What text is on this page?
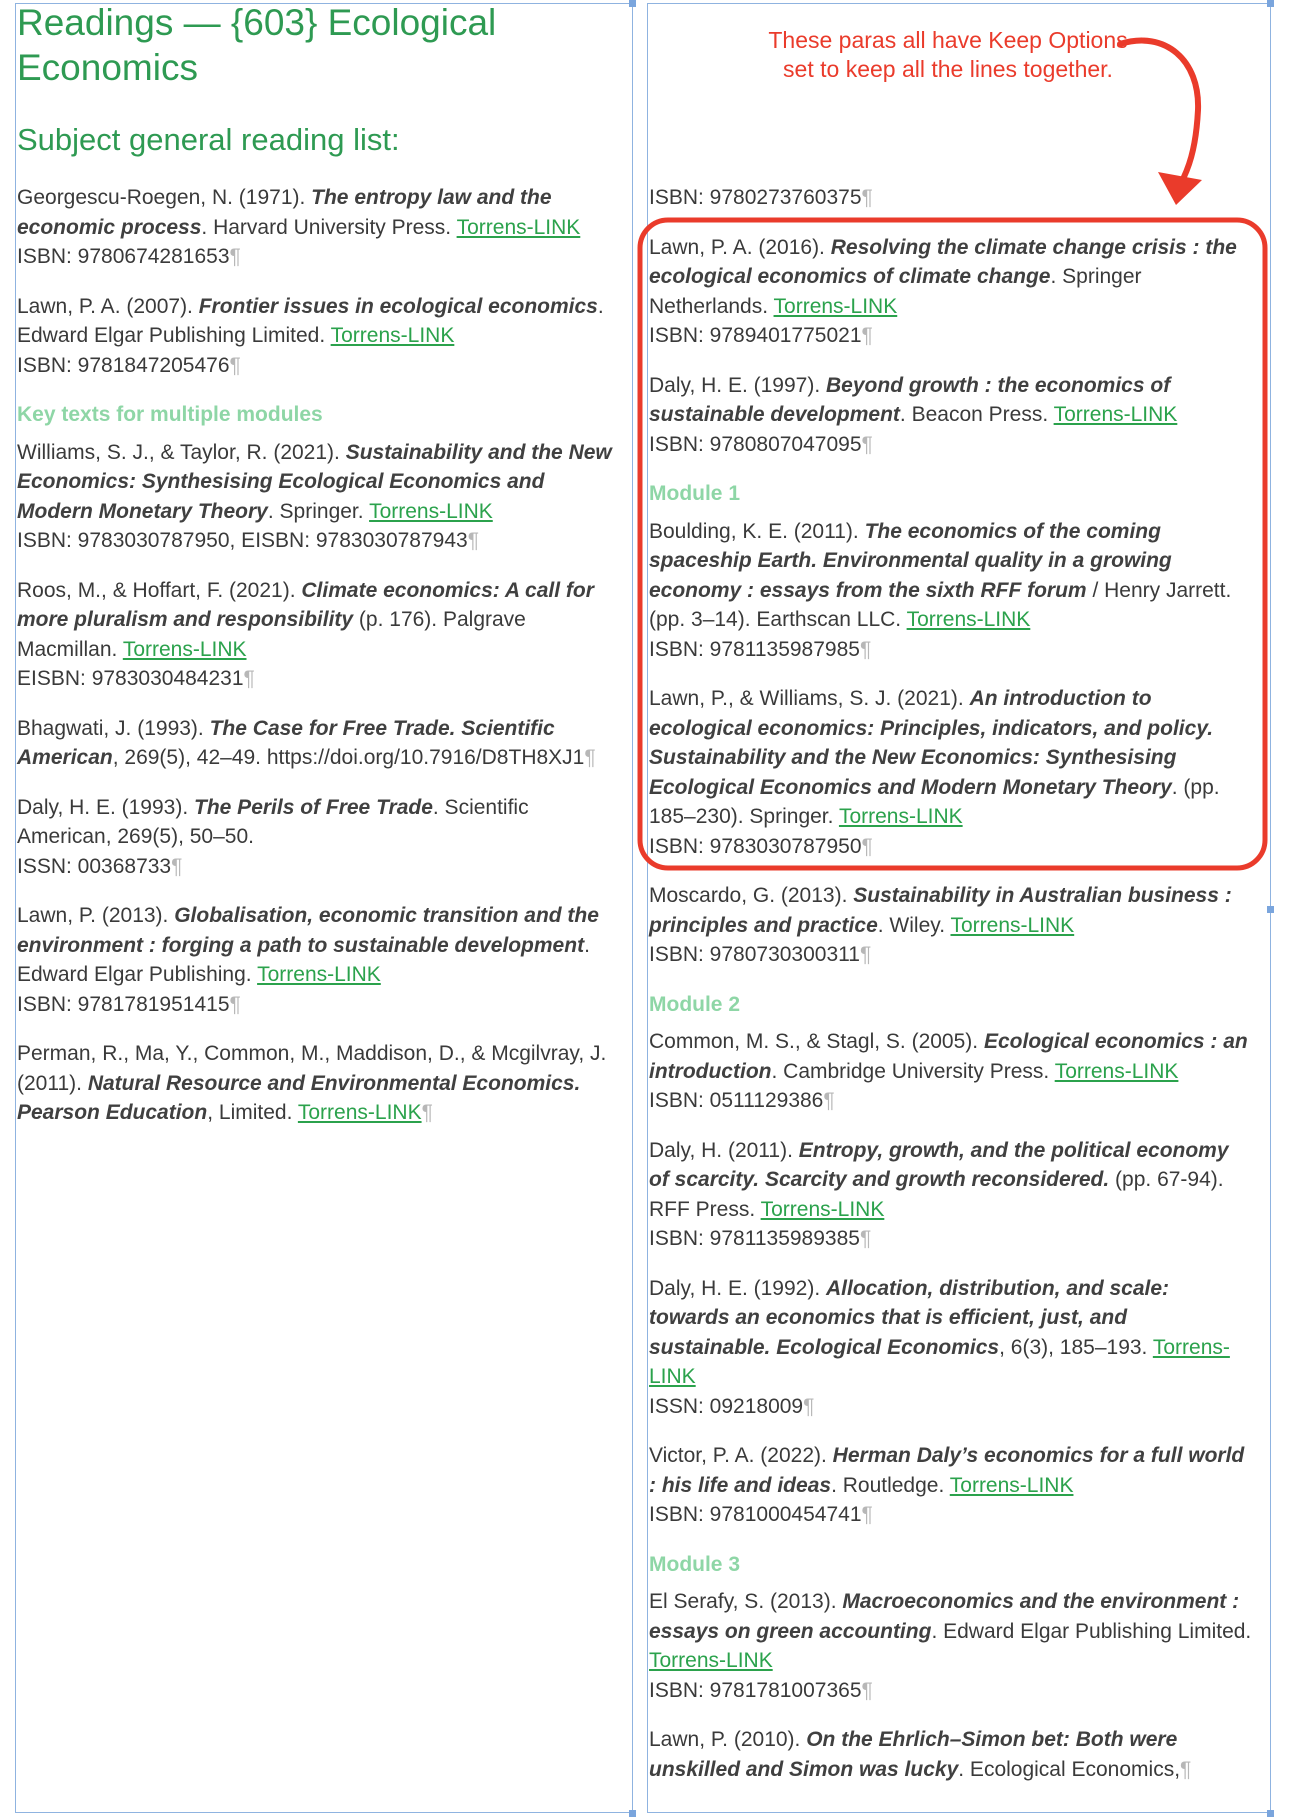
Readings — {603} Ecological Economics
Subject general reading list:

Georgescu-Roegen, N. (1971). The entropy law and the economic process. Harvard University Press. Torrens-LINK
ISBN: 9780674281653¶

Lawn, P. A. (2007). Frontier issues in ecological economics. Edward Elgar Publishing Limited. Torrens-LINK
ISBN: 9781847205476¶

Key texts for multiple modules

Williams, S. J., & Taylor, R. (2021). Sustainability and the New Economics: Synthesising Ecological Economics and Modern Monetary Theory. Springer. Torrens-LINK
ISBN: 9783030787950, EISBN: 9783030787943¶

Roos, M., & Hoffart, F. (2021). Climate economics: A call for more pluralism and responsibility (p. 176). Palgrave Macmillan. Torrens-LINK
EISBN: 9783030484231¶

Bhagwati, J. (1993). The Case for Free Trade. Scientific American, 269(5), 42–49. https://doi.org/10.7916/D8TH8XJ1¶

Daly, H. E. (1993). The Perils of Free Trade. Scientific American, 269(5), 50–50.
ISSN: 00368733¶

Lawn, P. (2013). Globalisation, economic transition and the environment : forging a path to sustainable development. Edward Elgar Publishing. Torrens-LINK
ISBN: 9781781951415¶

Perman, R., Ma, Y., Common, M., Maddison, D., & Mcgilvray, J. (2011). Natural Resource and Environmental Economics. Pearson Education, Limited. Torrens-LINK¶

ISBN: 9780273760375¶

Lawn, P. A. (2016). Resolving the climate change crisis : the ecological economics of climate change. Springer Netherlands. Torrens-LINK
ISBN: 9789401775021¶

Daly, H. E. (1997). Beyond growth : the economics of sustainable development. Beacon Press. Torrens-LINK
ISBN: 9780807047095¶

Module 1

Boulding, K. E. (2011). The economics of the coming spaceship Earth. Environmental quality in a growing economy : essays from the sixth RFF forum / Henry Jarrett. (pp. 3–14). Earthscan LLC. Torrens-LINK
ISBN: 9781135987985¶

Lawn, P., & Williams, S. J. (2021). An introduction to ecological economics: Principles, indicators, and policy. Sustainability and the New Economics: Synthesising Ecological Economics and Modern Monetary Theory. (pp. 185–230). Springer. Torrens-LINK
ISBN: 9783030787950¶

Moscardo, G. (2013). Sustainability in Australian business : principles and practice. Wiley. Torrens-LINK
ISBN: 9780730300311¶

Module 2

Common, M. S., & Stagl, S. (2005). Ecological economics : an introduction. Cambridge University Press. Torrens-LINK
ISBN: 0511129386¶

Daly, H. (2011). Entropy, growth, and the political economy of scarcity. Scarcity and growth reconsidered. (pp. 67-94). RFF Press. Torrens-LINK
ISBN: 9781135989385¶

Daly, H. E. (1992). Allocation, distribution, and scale: towards an economics that is efficient, just, and sustainable. Ecological Economics, 6(3), 185–193. Torrens-LINK
ISSN: 09218009¶

Victor, P. A. (2022). Herman Daly’s economics for a full world : his life and ideas. Routledge. Torrens-LINK
ISBN: 9781000454741¶

Module 3

El Serafy, S. (2013). Macroeconomics and the environment : essays on green accounting. Edward Elgar Publishing Limited. Torrens-LINK
ISBN: 9781781007365¶

Lawn, P. (2010). On the Ehrlich–Simon bet: Both were unskilled and Simon was lucky. Ecological Economics,¶

These paras all have Keep Options set to keep all the lines together.
